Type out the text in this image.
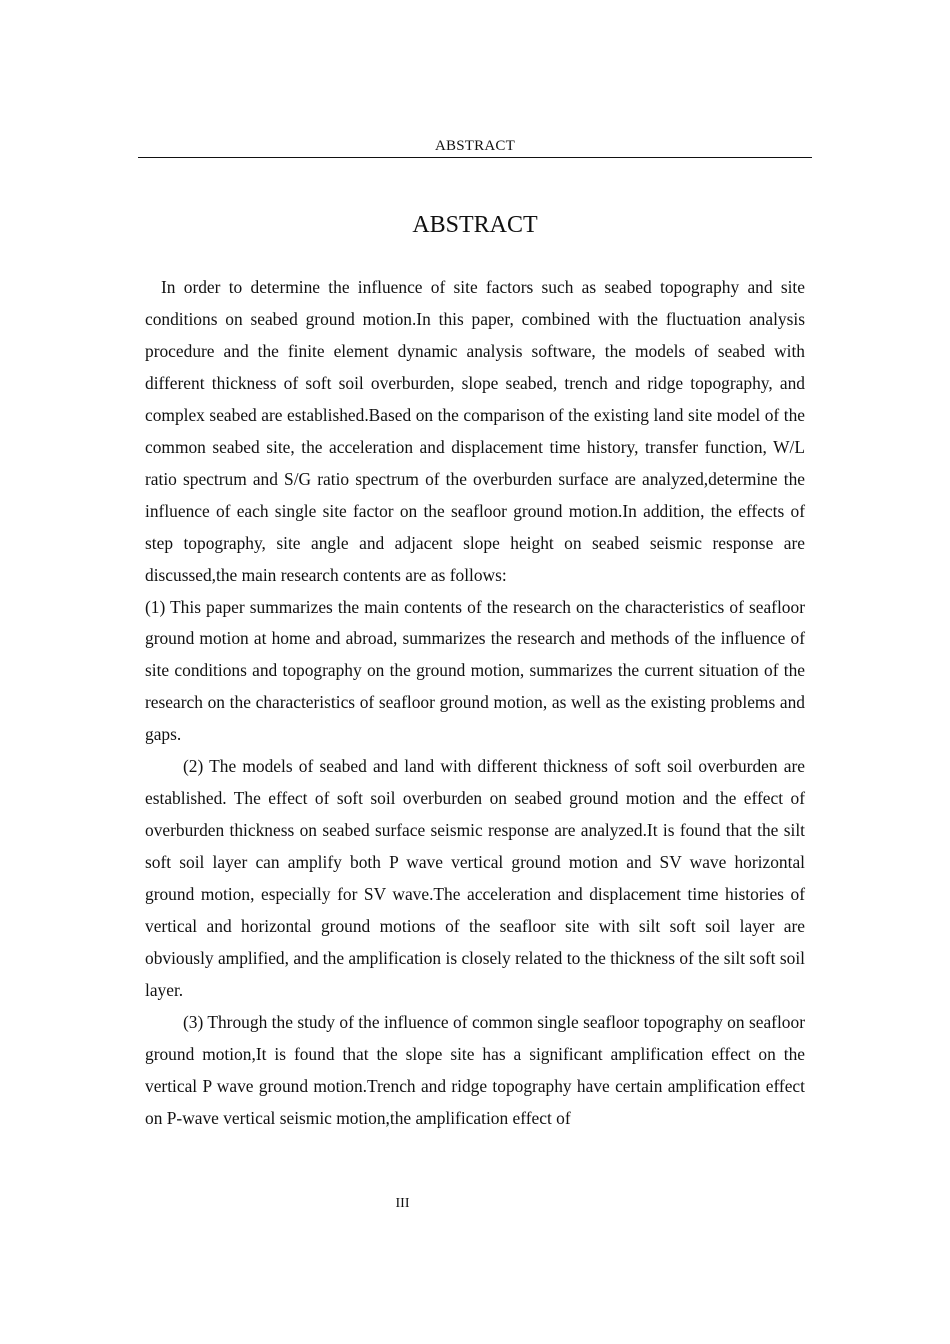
ABSTRACT
ABSTRACT

In order to determine the influence of site factors such as seabed topography and site conditions on seabed ground motion.In this paper, combined with the fluctuation analysis procedure and the finite element dynamic analysis software, the models of seabed with different thickness of soft soil overburden, slope seabed, trench and ridge topography, and complex seabed are established.Based on the comparison of the existing land site model of the common seabed site, the acceleration and displacement time history, transfer function, W/L ratio spectrum and S/G ratio spectrum of the overburden surface are analyzed,determine the influence of each single site factor on the seafloor ground motion.In addition, the effects of step topography, site angle and adjacent slope height on seabed seismic response are discussed,the main research contents are as follows:

(1) This paper summarizes the main contents of the research on the characteristics of seafloor ground motion at home and abroad, summarizes the research and methods of the influence of site conditions and topography on the ground motion, summarizes the current situation of the research on the characteristics of seafloor ground motion, as well as the existing problems and gaps.

(2) The models of seabed and land with different thickness of soft soil overburden are established. The effect of soft soil overburden on seabed ground motion and the effect of overburden thickness on seabed surface seismic response are analyzed.It is found that the silt soft soil layer can amplify both P wave vertical ground motion and SV wave horizontal ground motion, especially for SV wave.The acceleration and displacement time histories of vertical and horizontal ground motions of the seafloor site with silt soft soil layer are obviously amplified, and the amplification is closely related to the thickness of the silt soft soil layer.

(3) Through the study of the influence of common single seafloor topography on seafloor ground motion,It is found that the slope site has a significant amplification effect on the vertical P wave ground motion.Trench and ridge topography have certain amplification effect on P-wave vertical seismic motion,the amplification effect of

III
